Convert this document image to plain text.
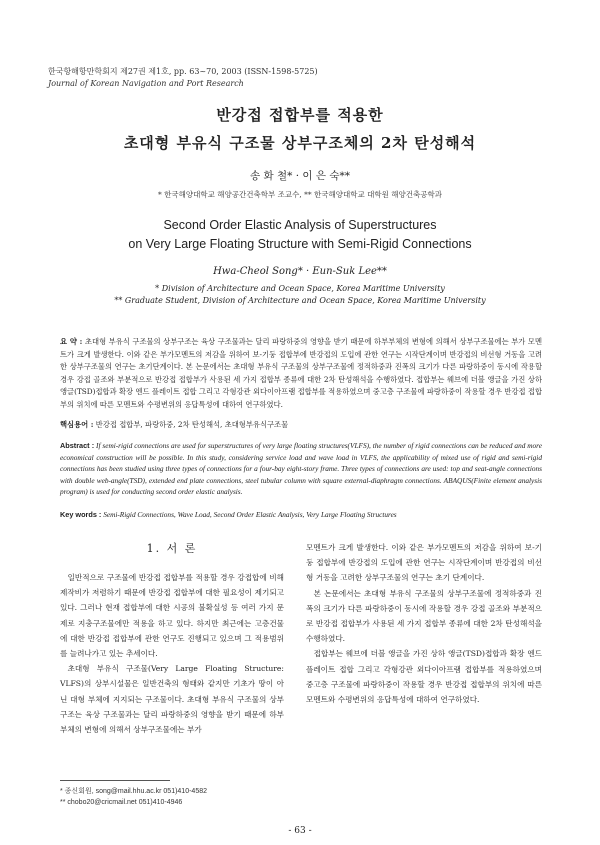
한국항해항만학회지 제27권 제1호, pp. 63~70, 2003 (ISSN-1598-5725)
Journal of Korean Navigation and Port Research
반강접 접합부를 적용한
초대형 부유식 구조물 상부구조체의 2차 탄성해석
송 화 철* · 이 은 숙**
* 한국해양대학교 해양공간건축학부 조교수, ** 한국해양대학교 대학원 해양건축공학과
Second Order Elastic Analysis of Superstructures
on Very Large Floating Structure with Semi-Rigid Connections
Hwa-Cheol Song* · Eun-Suk Lee**
* Division of Architecture and Ocean Space, Korea Maritime University
** Graduate Student, Division of Architecture and Ocean Space, Korea Maritime University
요 약 : 초대형 부유식 구조물의 상부구조는 육상 구조물과는 달리 파랑하중의 영향을 받기 때문에 하부부체의 변형에 의해서 상부구조물에는 부가 모멘트가 크게 발생한다. 이와 같은 부가모멘트의 저감을 위하여 보-기둥 접합부에 반강접의 도입에 관한 연구는 시작단계이며 반강접의 비선형 거동을 고려한 상부구조물의 연구는 초기단계이다. 본 논문에서는 초대형 부유식 구조물의 상부구조물에 정적하중과 진폭의 크기가 다른 파랑하중이 동시에 작용할 경우 강접 골조와 부분적으로 반강접 접합부가 사용된 세 가지 접합부 종류에 대한 2차 탄성해석을 수행하였다. 접합부는 웨브에 더블 앵글을 가진 상하 앵글(TSD)접합과 확장 엔드 플레이트 접합 그리고 각형강관 외다이아프램 접합부를 적용하였으며 중고층 구조물에 파랑하중이 작용할 경우 반강접 접합부의 위치에 따른 모멘트와 수평변위의 응답특성에 대하여 연구하였다.
핵심용어 : 반강접 접합부, 파랑하중, 2차 탄성해석, 초대형부유식구조물
Abstract : If semi-rigid connections are used for superstructures of very large floating structures(VLFS), the number of rigid connections can be reduced and more economical construction will be possible. In this study, considering service load and wave load in VLFS, the applicability of mixed use of rigid and semi-rigid connections has been studied using three types of connections for a four-bay eight-story frame. Three types of connections are used: top and seat-angle connections with double web-angle(TSD), extended end plate connections, steel tubular column with square external-diaphragm connections. ABAQUS(Finite element analysis program) is used for conducting second order elastic analysis.
Key words : Semi-Rigid Connections, Wave Load, Second Order Elastic Analysis, Very Large Floating Structures
1. 서 론

일반적으로 구조물에 반강접 접합부를 적용할 경우 강접합에 비해 제작비가 저렴하기 때문에 반강접 접합부에 대한 필요성이 제기되고 있다. 그러나 현재 접합부에 대한 시공의 불확실성 등 여러 가지 문제로 지충구조물에만 적용을 하고 있다. 하지만 최근에는 고층건물에 대한 반강접 접합부에 관한 연구도 진행되고 있으며 그 적용범위를 늘려나가고 있는 추세이다.

초대형 부유식 구조물(Very Large Floating Structure: VLFS)의 상부시설물은 일반건축의 형태와 같지만 기초가 땅이 아닌 대형 부체에 지지되는 구조물이다. 초대형 부유식 구조물의 상부구조는 육상 구조물과는 달리 파랑하중의 영향을 받기 때문에 하부부체의 변형에 의해서 상부구조물에는 부가

모멘트가 크게 발생한다. 이와 같은 부가모멘트의 저감을 위하여 보-기둥 접합부에 반강접의 도입에 관한 연구는 시작단계이며 반강접의 비선형 거동을 고려한 상부구조물의 연구는 초기 단계이다.

본 논문에서는 초대형 부유식 구조물의 상부구조물에 정적하중과 진폭의 크기가 다른 파랑하중이 동시에 작용할 경우 강접 골조와 부분적으로 반강접 접합부가 사용된 세 가지 접합부 종류에 대한 2차 탄성해석을 수행하였다.

접합부는 웨브에 더블 앵글을 가진 상하 앵글(TSD)접합과 확장 엔드 플레이트 접합 그리고 각형강관 외다이아프램 접합부를 적용하였으며 중고층 구조물에 파랑하중이 작용할 경우 반강접 접합부의 위치에 따른 모멘트와 수평변위의 응답특성에 대하여 연구하였다.

* 종신회원, song@mail.hhu.ac.kr 051)410-4582
** chobo20@cricmail.net 051)410-4946
- 63 -
